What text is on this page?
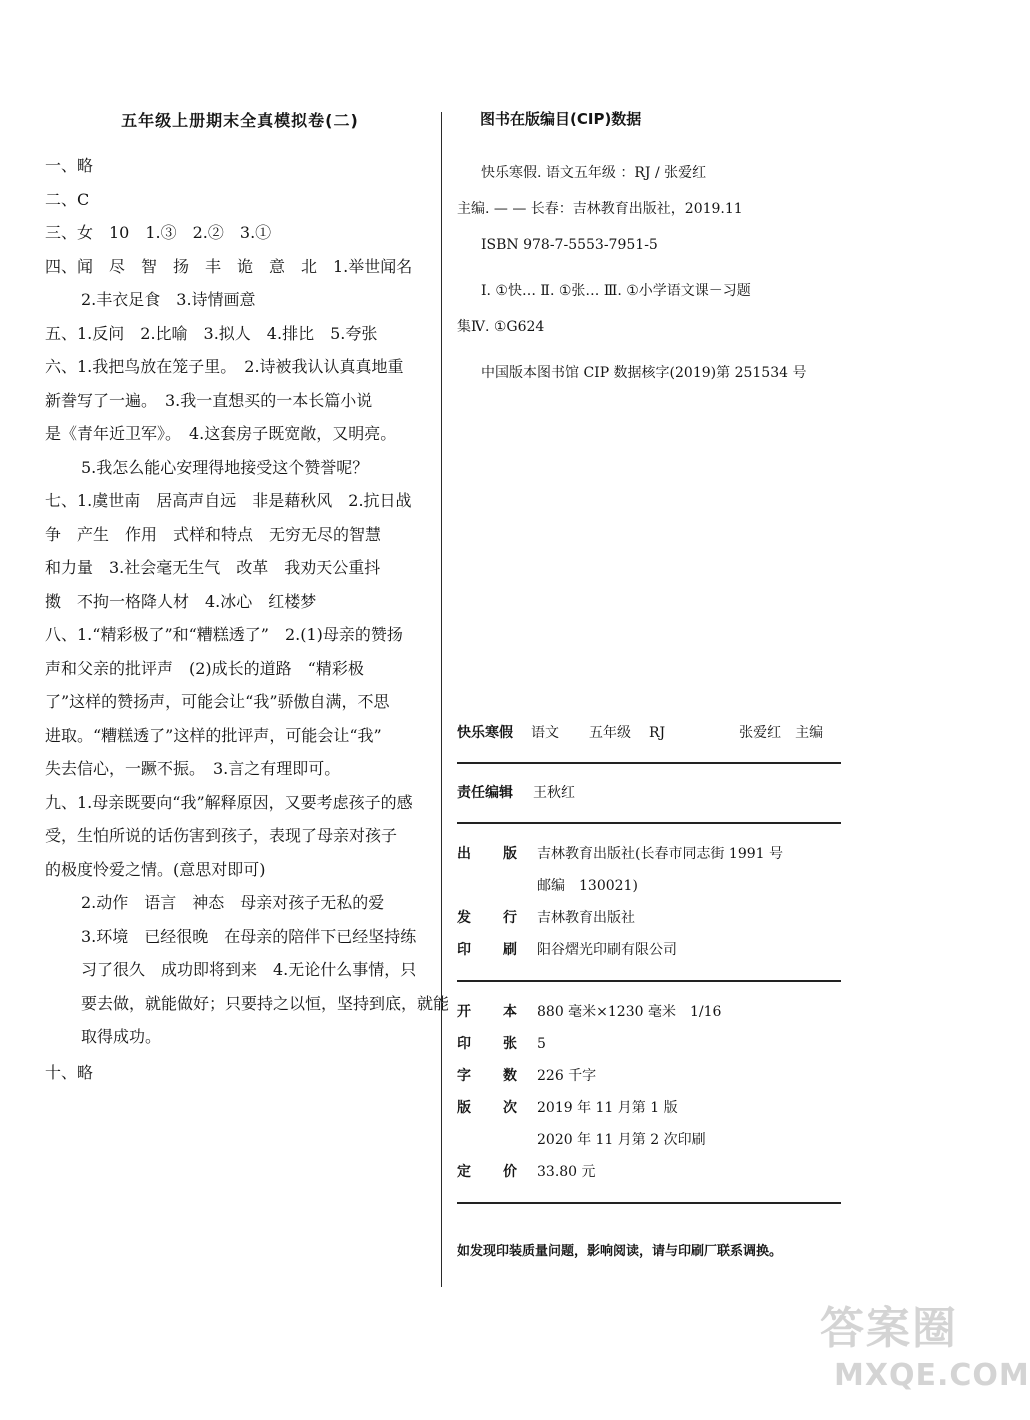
五年级上册期末全真模拟卷(二)
一、略
二、C
三、女　10　1.③　2.②　3.①
四、闻　尽　智　扬　丰　诡　意　北　1.举世闻名
2.丰衣足食　3.诗情画意
五、1.反问　2.比喻　3.拟人　4.排比　5.夸张
六、1.我把鸟放在笼子里。　2.诗被我认认真真地重
新誊写了一遍。　3.我一直想买的一本长篇小说
是《青年近卫军》。　4.这套房子既宽敞，又明亮。
5.我怎么能心安理得地接受这个赞誉呢？
七、1.虞世南　居高声自远　非是藉秋风　2.抗日战
争　产生　作用　式样和特点　无穷无尽的智慧
和力量　3.社会毫无生气　改革　我劝天公重抖
擞　不拘一格降人材　4.冰心　红楼梦
八、1.“精彩极了”和“糟糕透了”　2.(1)母亲的赞扬
声和父亲的批评声　(2)成长的道路　“精彩极
了”这样的赞扬声，可能会让“我”骄傲自满，不思
进取。“糟糕透了”这样的批评声，可能会让“我”
失去信心，一蹶不振。　3.言之有理即可。
九、1.母亲既要向“我”解释原因，又要考虑孩子的感
受，生怕所说的话伤害到孩子，表现了母亲对孩子
的极度怜爱之情。(意思对即可)
2.动作　语言　神态　母亲对孩子无私的爱
3.环境　已经很晚　在母亲的陪伴下已经坚持练
习了很久　成功即将到来　4.无论什么事情，只
要去做，就能做好；只要持之以恒，坚持到底，就能
取得成功。
十、略
图书在版编目(CIP)数据
快乐寒假. 语文五年级 ：RJ / 张爱红
主编. — — 长春：吉林教育出版社，2019.11
ISBN 978-7-5553-7951-5
Ⅰ. ①快… Ⅱ. ①张… Ⅲ. ①小学语文课－习题
集Ⅳ. ①G624
中国版本图书馆 CIP 数据核字(2019)第 251534 号
快乐寒假 语文 五年级 RJ	张爱红　主编
责任编辑 王秋红
出 版 吉林教育出版社(长春市同志街 1991 号
邮编　130021)
发 行 吉林教育出版社
印 刷 阳谷熠光印刷有限公司
开 本 880 毫米×1230 毫米　1/16
印 张 5
字 数 226 千字
版 次 2019 年 11 月第 1 版
2020 年 11 月第 2 次印刷
定 价 33.80 元
如发现印装质量问题，影响阅读，请与印刷厂联系调换。
答案圈
MXQE.COM
